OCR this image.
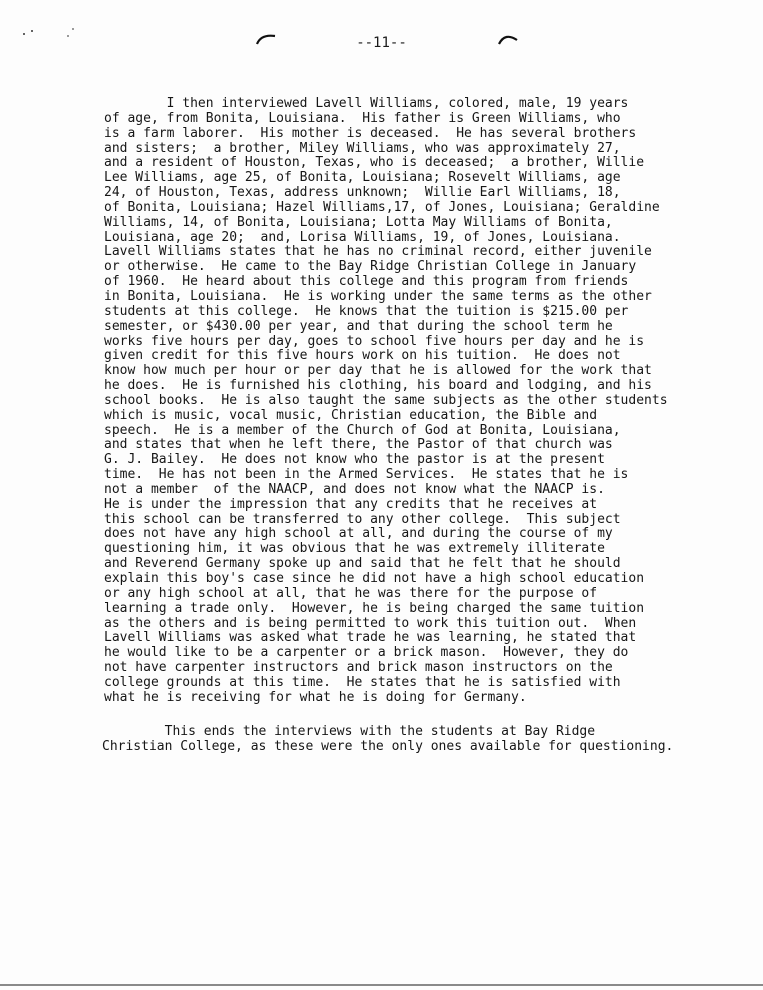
--11--
I then interviewed Lavell Williams, colored, male, 19 years
of age, from Bonita, Louisiana.  His father is Green Williams, who
is a farm laborer.  His mother is deceased.  He has several brothers
and sisters;  a brother, Miley Williams, who was approximately 27,
and a resident of Houston, Texas, who is deceased;  a brother, Willie
Lee Williams, age 25, of Bonita, Louisiana; Rosevelt Williams, age
24, of Houston, Texas, address unknown;  Willie Earl Williams, 18,
of Bonita, Louisiana; Hazel Williams,17, of Jones, Louisiana; Geraldine
Williams, 14, of Bonita, Louisiana; Lotta May Williams of Bonita,
Louisiana, age 20;  and, Lorisa Williams, 19, of Jones, Louisiana.
Lavell Williams states that he has no criminal record, either juvenile
or otherwise.  He came to the Bay Ridge Christian College in January
of 1960.  He heard about this college and this program from friends
in Bonita, Louisiana.  He is working under the same terms as the other
students at this college.  He knows that the tuition is $215.00 per
semester, or $430.00 per year, and that during the school term he
works five hours per day, goes to school five hours per day and he is
given credit for this five hours work on his tuition.  He does not
know how much per hour or per day that he is allowed for the work that
he does.  He is furnished his clothing, his board and lodging, and his
school books.  He is also taught the same subjects as the other students
which is music, vocal music, Christian education, the Bible and
speech.  He is a member of the Church of God at Bonita, Louisiana,
and states that when he left there, the Pastor of that church was
G. J. Bailey.  He does not know who the pastor is at the present
time.  He has not been in the Armed Services.  He states that he is
not a member  of the NAACP, and does not know what the NAACP is.
He is under the impression that any credits that he receives at
this school can be transferred to any other college.  This subject
does not have any high school at all, and during the course of my
questioning him, it was obvious that he was extremely illiterate
and Reverend Germany spoke up and said that he felt that he should
explain this boy's case since he did not have a high school education
or any high school at all, that he was there for the purpose of
learning a trade only.  However, he is being charged the same tuition
as the others and is being permitted to work this tuition out.  When
Lavell Williams was asked what trade he was learning, he stated that
he would like to be a carpenter or a brick mason.  However, they do
not have carpenter instructors and brick mason instructors on the
college grounds at this time.  He states that he is satisfied with
what he is receiving for what he is doing for Germany.
This ends the interviews with the students at Bay Ridge
Christian College, as these were the only ones available for questioning.
